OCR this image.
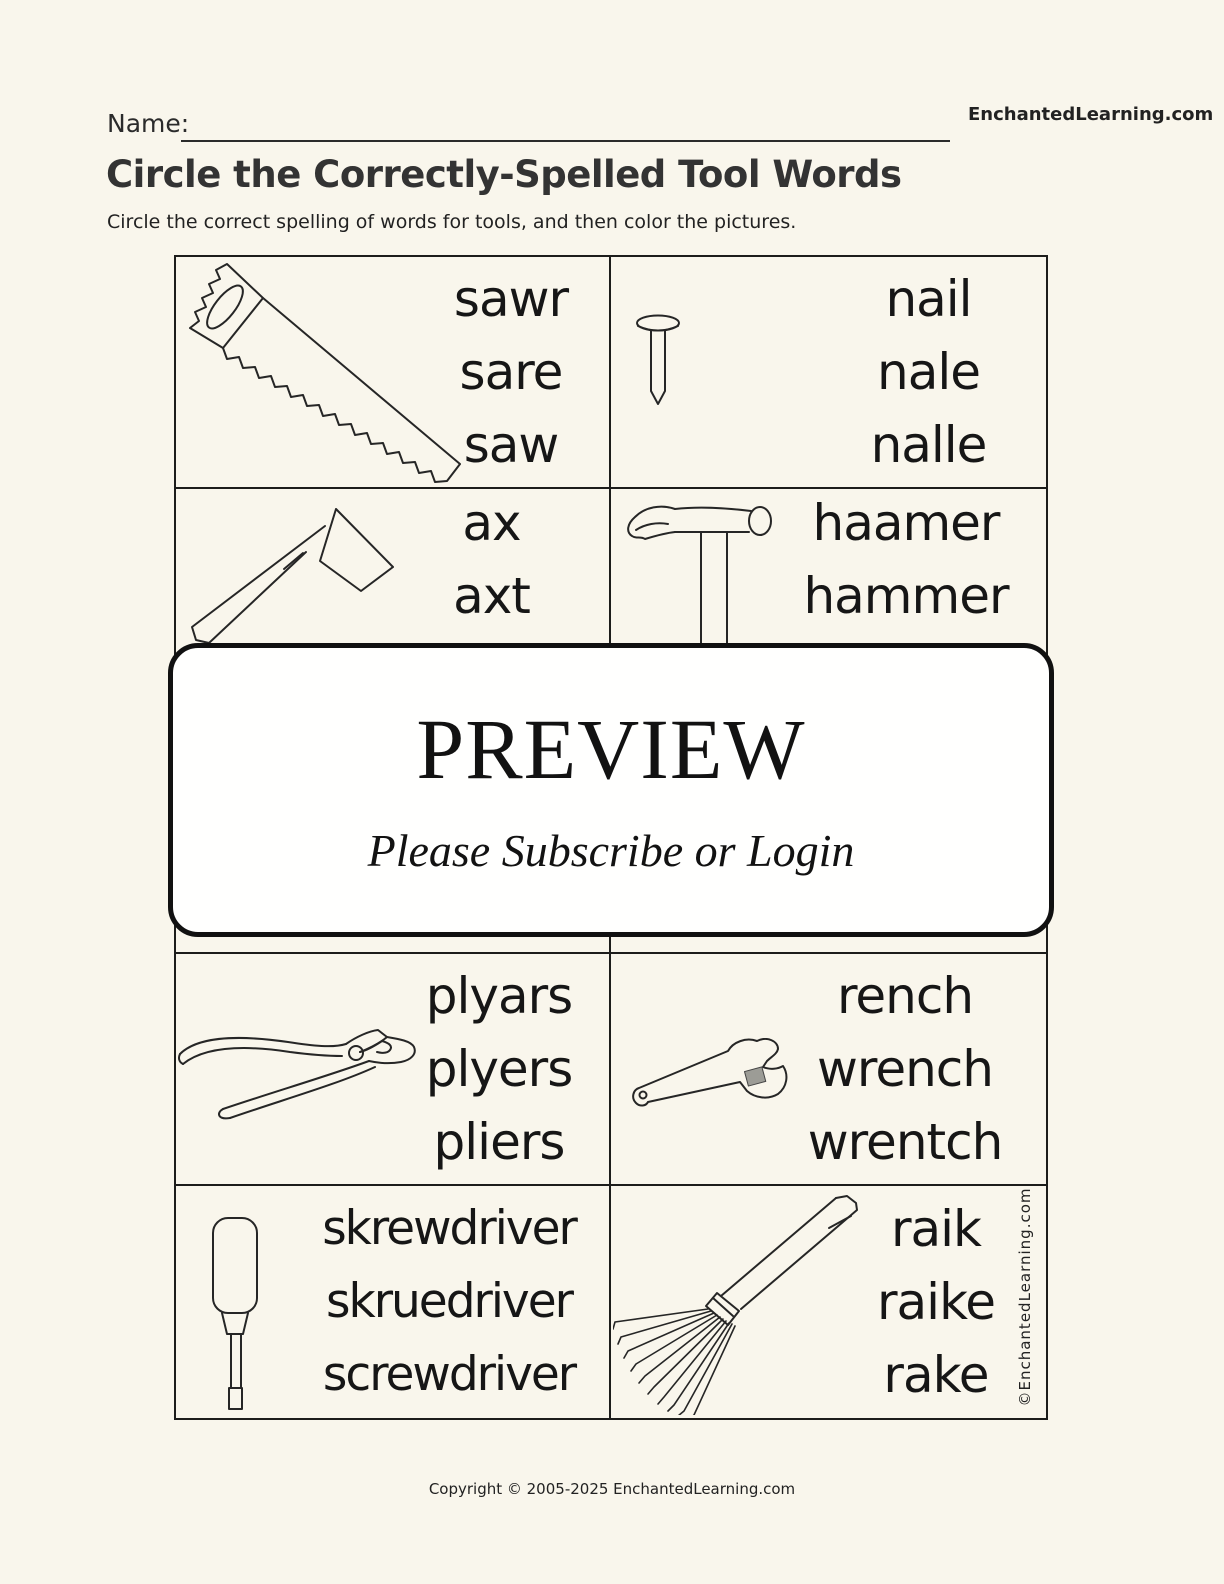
Name:	EnchantedLearning.com
Circle the Correctly-Spelled Tool Words

Circle the correct spelling of words for tools, and then color the pictures.

sawr
sare
saw
nail
nale
nalle
ax
axt
haamer
hammer
plyars
plyers
pliers
rench
wrench
wrentch
skrewdriver
skruedriver
screwdriver
raik
raike
rake
PREVIEW
Please Subscribe or Login
©EnchantedLearning.com
Copyright © 2005-2025 EnchantedLearning.com
